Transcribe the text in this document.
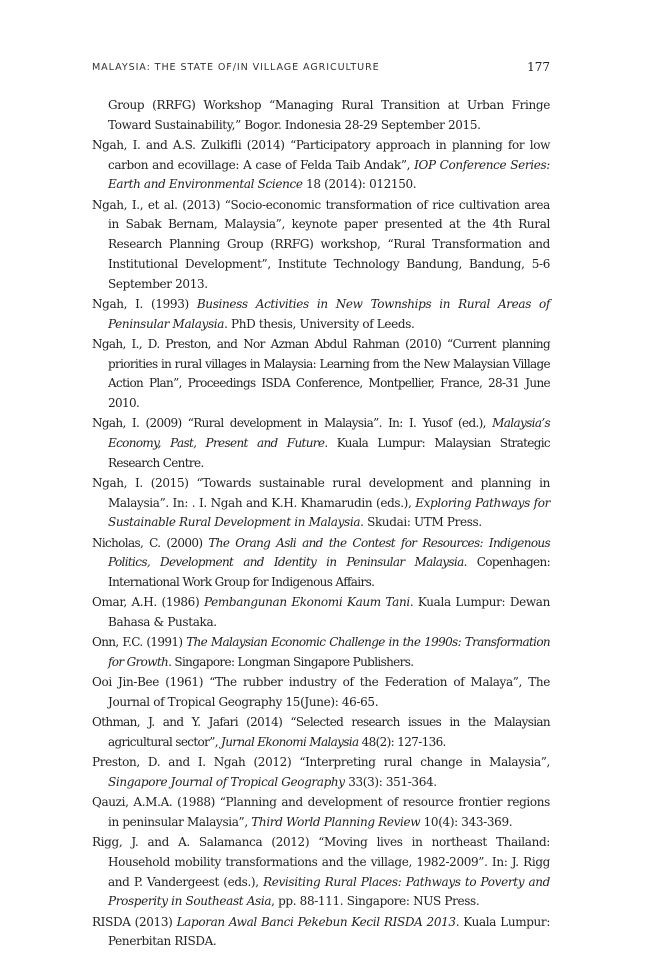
MALAYSIA: THE STATE OF/IN VILLAGE AGRICULTURE	177

Group (RRFG) Workshop “Managing Rural Transition at Urban Fringe Toward Sustainability,” Bogor. Indonesia 28-29 September 2015.

Ngah, I. and A.S. Zulkifli (2014) “Participatory approach in planning for low carbon and ecovillage: A case of Felda Taib Andak”, IOP Conference Series: Earth and Environmental Science 18 (2014): 012150.

Ngah, I., et al. (2013) “Socio-economic transformation of rice cultivation area in Sabak Bernam, Malaysia”, keynote paper presented at the 4th Rural Research Planning Group (RRFG) workshop, “Rural Transformation and Institutional Development”, Institute Technology Bandung, Bandung, 5-6 September 2013.

Ngah, I. (1993) Business Activities in New Townships in Rural Areas of Peninsular Malaysia. PhD thesis, University of Leeds.

Ngah, I., D. Preston, and Nor Azman Abdul Rahman (2010) “Current planning priorities in rural villages in Malaysia: Learning from the New Malaysian Village Action Plan”, Proceedings ISDA Conference, Montpellier, France, 28-31 June 2010.

Ngah, I. (2009) “Rural development in Malaysia”. In: I. Yusof (ed.), Malaysia’s Economy, Past, Present and Future. Kuala Lumpur: Malaysian Strategic Research Centre.

Ngah, I. (2015) “Towards sustainable rural development and planning in Malaysia”. In: . I. Ngah and K.H. Khamarudin (eds.), Exploring Pathways for Sustainable Rural Development in Malaysia. Skudai: UTM Press.

Nicholas, C. (2000) The Orang Asli and the Contest for Resources: Indigenous Politics, Development and Identity in Peninsular Malaysia. Copenhagen: International Work Group for Indigenous Affairs.

Omar, A.H. (1986) Pembangunan Ekonomi Kaum Tani. Kuala Lumpur: Dewan Bahasa & Pustaka.

Onn, F.C. (1991) The Malaysian Economic Challenge in the 1990s: Transformation for Growth. Singapore: Longman Singapore Publishers.

Ooi Jin-Bee (1961) “The rubber industry of the Federation of Malaya”, The Journal of Tropical Geography 15(June): 46-65.

Othman, J. and Y. Jafari (2014) “Selected research issues in the Malaysian agricultural sector”, Jurnal Ekonomi Malaysia 48(2): 127-136.

Preston, D. and I. Ngah (2012) “Interpreting rural change in Malaysia”, Singapore Journal of Tropical Geography 33(3): 351-364.

Qauzi, A.M.A. (1988) “Planning and development of resource frontier regions in peninsular Malaysia”, Third World Planning Review 10(4): 343-369.

Rigg, J. and A. Salamanca (2012) “Moving lives in northeast Thailand: Household mobility transformations and the village, 1982-2009”. In: J. Rigg and P. Vandergeest (eds.), Revisiting Rural Places: Pathways to Poverty and Prosperity in Southeast Asia, pp. 88-111. Singapore: NUS Press.

RISDA (2013) Laporan Awal Banci Pekebun Kecil RISDA 2013. Kuala Lumpur: Penerbitan RISDA.
